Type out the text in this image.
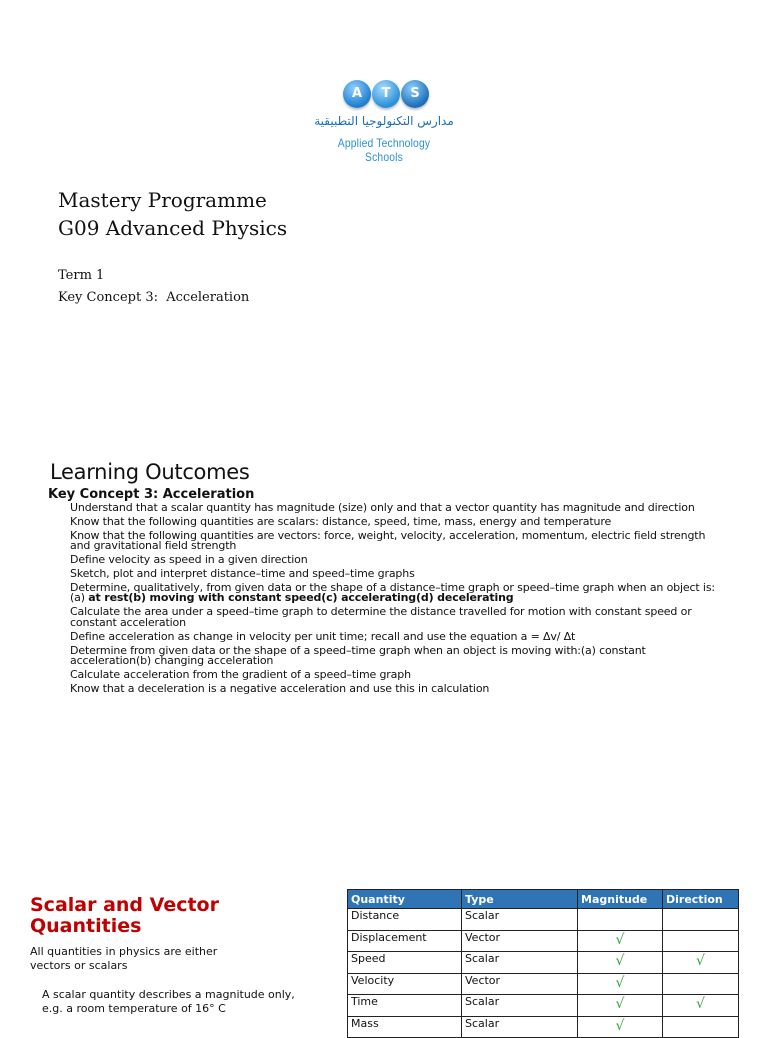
A	T	S
مدارس التكنولوجيا التطبيقية
Applied Technology Schools
Mastery Programme
G09 Advanced Physics
Term 1
Key Concept 3:  Acceleration
Learning Outcomes
Key Concept 3: Acceleration
Understand that a scalar quantity has magnitude (size) only and that a vector quantity has magnitude and direction
Know that the following quantities are scalars: distance, speed, time, mass, energy and temperature
Know that the following quantities are vectors: force, weight, velocity, acceleration, momentum, electric field strength and gravitational field strength
Define velocity as speed in a given direction
Sketch, plot and interpret distance–time and speed–time graphs
Determine, qualitatively, from given data or the shape of a distance–time graph or speed–time graph when an object is:(a) at rest(b) moving with constant speed(c) accelerating(d) decelerating
Calculate the area under a speed–time graph to determine the distance travelled for motion with constant speed or constant acceleration
Define acceleration as change in velocity per unit time; recall and use the equation a = Δv/ Δt
Determine from given data or the shape of a speed–time graph when an object is moving with:(a) constant acceleration(b) changing acceleration
Calculate acceleration from the gradient of a speed–time graph
Know that a deceleration is a negative acceleration and use this in calculation
Scalar and Vector Quantities
All quantities in physics are either vectors or scalars
A scalar quantity describes a magnitude only, e.g. a room temperature of 16° C
Quantity	Type	Magnitude	Direction
Distance	Scalar		
Displacement	Vector	√	
Speed	Scalar	√	√
Velocity	Vector	√	
Time	Scalar	√	√
Mass	Scalar	√	
